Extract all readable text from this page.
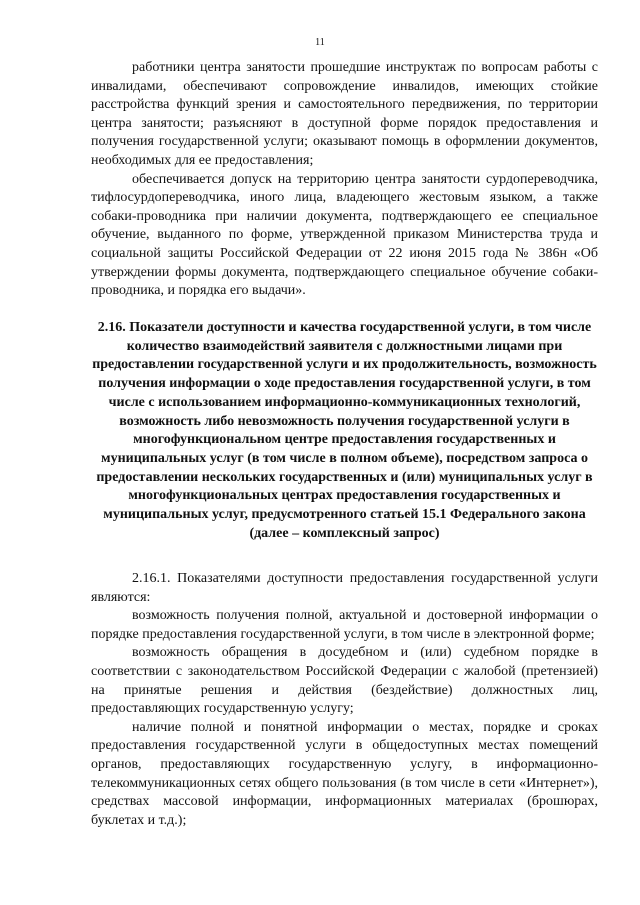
11

работники центра занятости прошедшие инструктаж по вопросам работы с инвалидами, обеспечивают сопровождение инвалидов, имеющих стойкие расстройства функций зрения и самостоятельного передвижения, по территории центра занятости; разъясняют в доступной форме порядок предоставления и получения государственной услуги; оказывают помощь в оформлении документов, необходимых для ее предоставления;

обеспечивается допуск на территорию центра занятости сурдопереводчика, тифлосурдопереводчика, иного лица, владеющего жестовым языком, а также собаки-проводника при наличии документа, подтверждающего ее специальное обучение, выданного по форме, утвержденной приказом Министерства труда и социальной защиты Российской Федерации от 22 июня 2015 года № 386н «Об утверждении формы документа, подтверждающего специальное обучение собаки-проводника, и порядка его выдачи».

2.16. Показатели доступности и качества государственной услуги, в том числе количество взаимодействий заявителя с должностными лицами при предоставлении государственной услуги и их продолжительность, возможность получения информации о ходе предоставления государственной услуги, в том числе с использованием информационно-коммуникационных технологий, возможность либо невозможность получения государственной услуги в многофункциональном центре предоставления государственных и муниципальных услуг (в том числе в полном объеме), посредством запроса о предоставлении нескольких государственных и (или) муниципальных услуг в многофункциональных центрах предоставления государственных и муниципальных услуг, предусмотренного статьей 15.1 Федерального закона (далее – комплексный запрос)

2.16.1. Показателями доступности предоставления государственной услуги являются:

возможность получения полной, актуальной и достоверной информации о порядке предоставления государственной услуги, в том числе в электронной форме;

возможность обращения в досудебном и (или) судебном порядке в соответствии с законодательством Российской Федерации с жалобой (претензией) на принятые решения и действия (бездействие) должностных лиц, предоставляющих государственную услугу;

наличие полной и понятной информации о местах, порядке и сроках предоставления государственной услуги в общедоступных местах помещений органов, предоставляющих государственную услугу, в информационно-телекоммуникационных сетях общего пользования (в том числе в сети «Интернет»), средствах массовой информации, информационных материалах (брошюрах, буклетах и т.д.);
